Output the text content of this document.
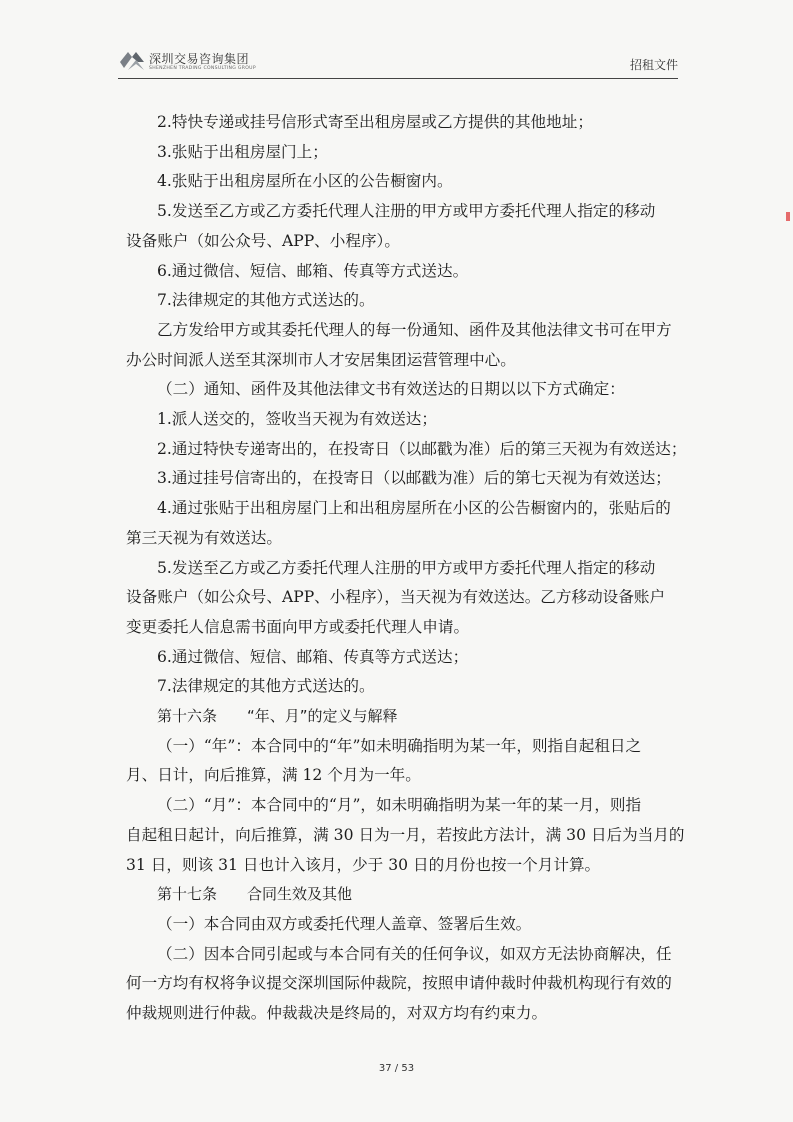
深圳交易咨询集团
SHENZHEN TRADING CONSULTING GROUP	招租文件

2.特快专递或挂号信形式寄至出租房屋或乙方提供的其他地址；

3.张贴于出租房屋门上；

4.张贴于出租房屋所在小区的公告橱窗内。

5.发送至乙方或乙方委托代理人注册的甲方或甲方委托代理人指定的移动

设备账户（如公众号、APP、小程序）。

6.通过微信、短信、邮箱、传真等方式送达。

7.法律规定的其他方式送达的。

乙方发给甲方或其委托代理人的每一份通知、函件及其他法律文书可在甲方

办公时间派人送至其深圳市人才安居集团运营管理中心。

（二）通知、函件及其他法律文书有效送达的日期以以下方式确定：

1.派人送交的，签收当天视为有效送达；

2.通过特快专递寄出的，在投寄日（以邮戳为准）后的第三天视为有效送达；

3.通过挂号信寄出的，在投寄日（以邮戳为准）后的第七天视为有效送达；

4.通过张贴于出租房屋门上和出租房屋所在小区的公告橱窗内的，张贴后的

第三天视为有效送达。

5.发送至乙方或乙方委托代理人注册的甲方或甲方委托代理人指定的移动

设备账户（如公众号、APP、小程序），当天视为有效送达。乙方移动设备账户

变更委托人信息需书面向甲方或委托代理人申请。

6.通过微信、短信、邮箱、传真等方式送达；

7.法律规定的其他方式送达的。

第十六条 “年、月”的定义与解释

（一）“年”：本合同中的“年”如未明确指明为某一年，则指自起租日之

月、日计，向后推算，满 12 个月为一年。

（二）“月”：本合同中的“月”，如未明确指明为某一年的某一月，则指

自起租日起计，向后推算，满 30 日为一月，若按此方法计，满 30 日后为当月的

31 日，则该 31 日也计入该月，少于 30 日的月份也按一个月计算。

第十七条 合同生效及其他

（一）本合同由双方或委托代理人盖章、签署后生效。

（二）因本合同引起或与本合同有关的任何争议，如双方无法协商解决，任

何一方均有权将争议提交深圳国际仲裁院，按照申请仲裁时仲裁机构现行有效的

仲裁规则进行仲裁。仲裁裁决是终局的，对双方均有约束力。

37 / 53
